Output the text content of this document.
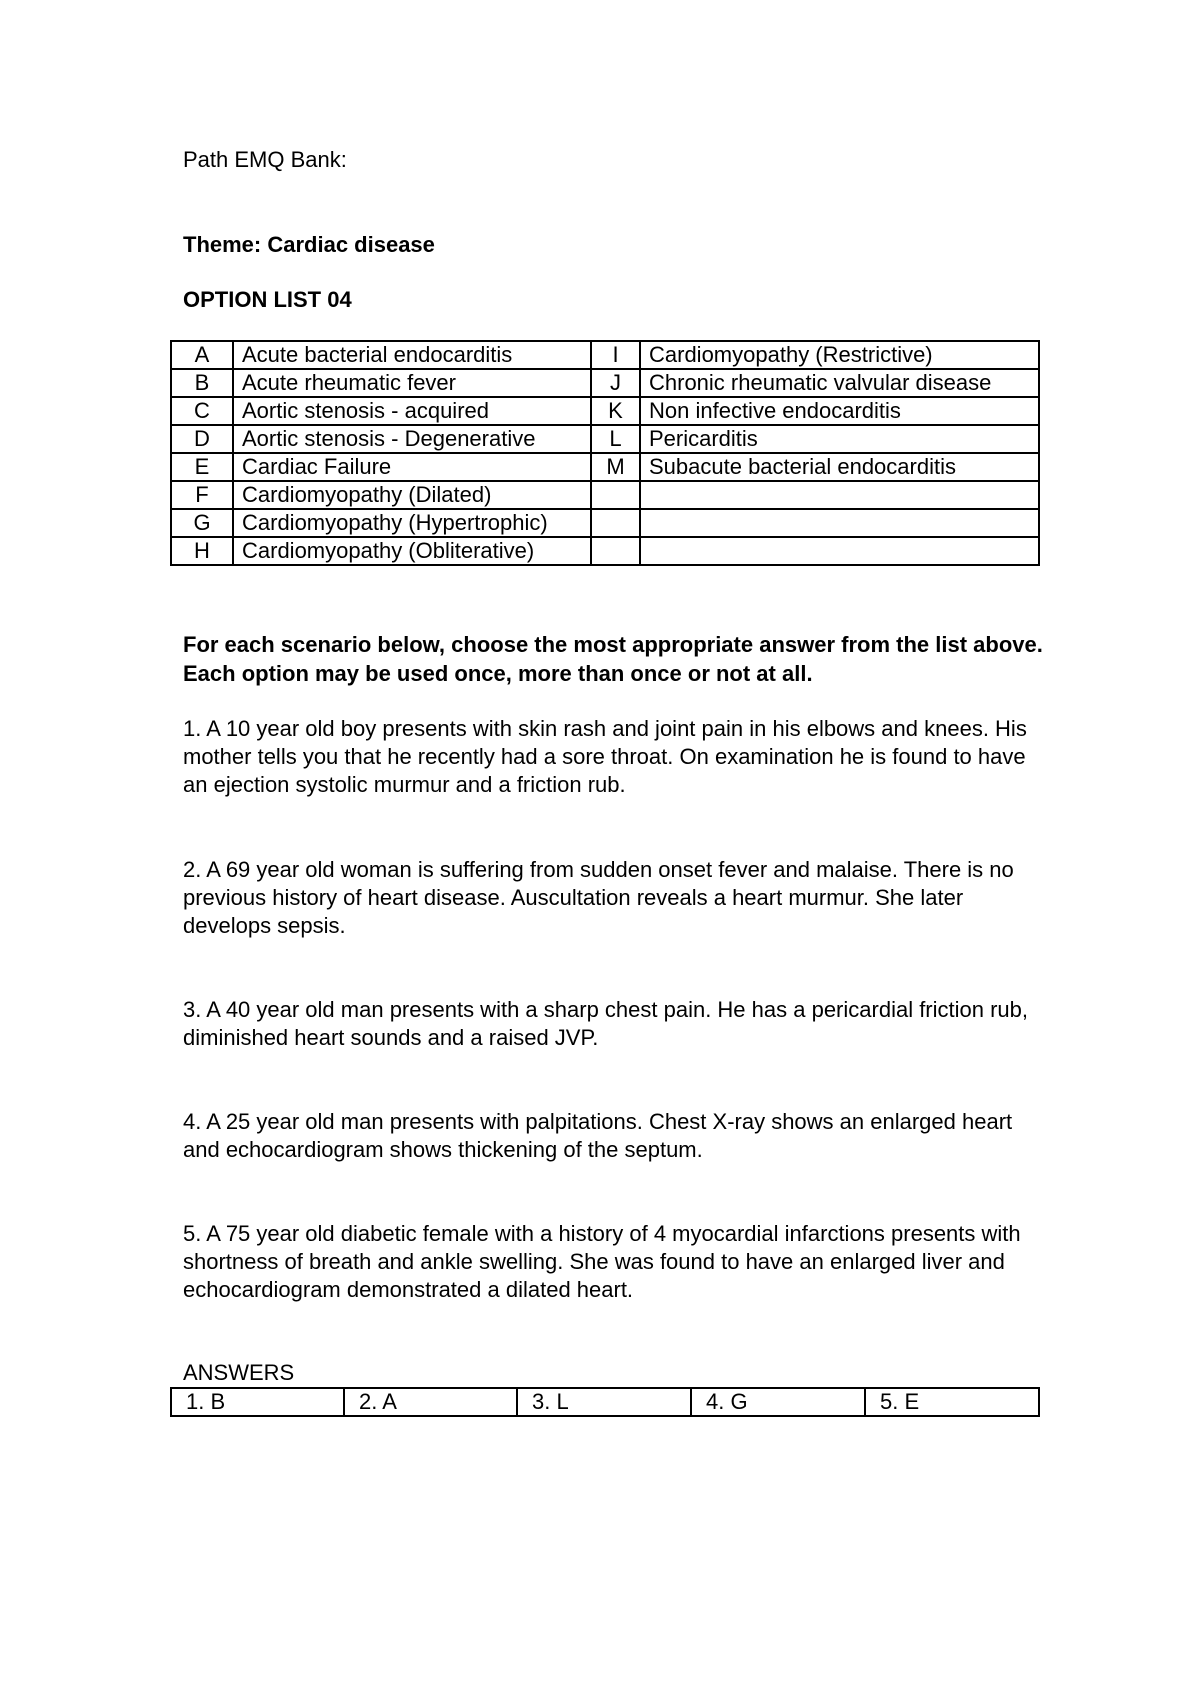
Path EMQ Bank:
Theme: Cardiac disease
OPTION LIST 04
A	Acute bacterial endocarditis	I	Cardiomyopathy (Restrictive)
B	Acute rheumatic fever	J	Chronic rheumatic valvular disease
C	Aortic stenosis - acquired	K	Non infective endocarditis
D	Aortic stenosis - Degenerative	L	Pericarditis
E	Cardiac Failure	M	Subacute bacterial endocarditis
F	Cardiomyopathy (Dilated)		
G	Cardiomyopathy (Hypertrophic)		
H	Cardiomyopathy (Obliterative)		
For each scenario below, choose the most appropriate answer from the list above. Each option may be used once, more than once or not at all.
1. A 10 year old boy presents with skin rash and joint pain in his elbows and knees. His mother tells you that he recently had a sore throat. On examination he is found to have an ejection systolic murmur and a friction rub.
2. A 69 year old woman is suffering from sudden onset fever and malaise. There is no previous history of heart disease. Auscultation reveals a heart murmur. She later develops sepsis.
3. A 40 year old man presents with a sharp chest pain. He has a pericardial friction rub, diminished heart sounds and a raised JVP.
4. A 25 year old man presents with palpitations. Chest X-ray shows an enlarged heart and echocardiogram shows thickening of the septum.
5. A 75 year old diabetic female with a history of 4 myocardial infarctions presents with shortness of breath and ankle swelling. She was found to have an enlarged liver and echocardiogram demonstrated a dilated heart.
ANSWERS
1. B	2. A	3. L	4. G	5. E
